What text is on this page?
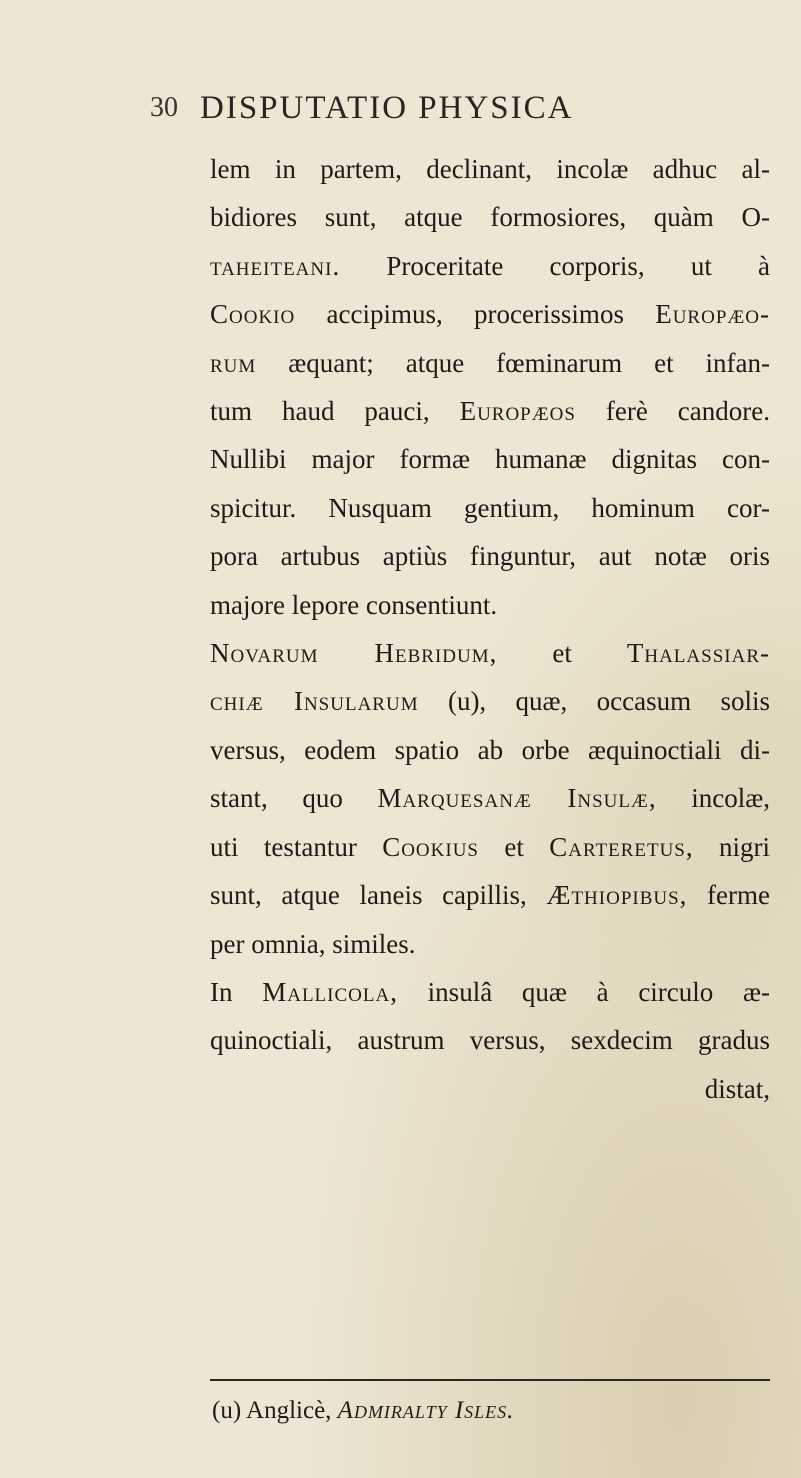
30 DISPUTATIO PHYSICA
lem in partem, declinant, incolæ adhuc al-
bidiores sunt, atque formosiores, quàm O-
taheiteani. Proceritate corporis, ut à
Cookio accipimus, procerissimos Europæo-
rum æquant; atque fœminarum et infan-
tum haud pauci, Europæos ferè candore.
Nullibi major formæ humanæ dignitas con-
spicitur. Nusquam gentium, hominum cor-
pora artubus aptiùs finguntur, aut notæ oris
majore lepore consentiunt.
Novarum Hebridum, et Thalassiar-
chiæ Insularum (u), quæ, occasum solis
versus, eodem spatio ab orbe æquinoctiali di-
stant, quo Marquesanæ Insulæ, incolæ,
uti testantur Cookius et Carteretus, nigri
sunt, atque laneis capillis, Æthiopibus, ferme
per omnia, similes.
In Mallicola, insulâ quæ à circulo æ-
quinoctiali, austrum versus, sexdecim gradus
distat,
(u) Anglicè, Admiralty Isles.
